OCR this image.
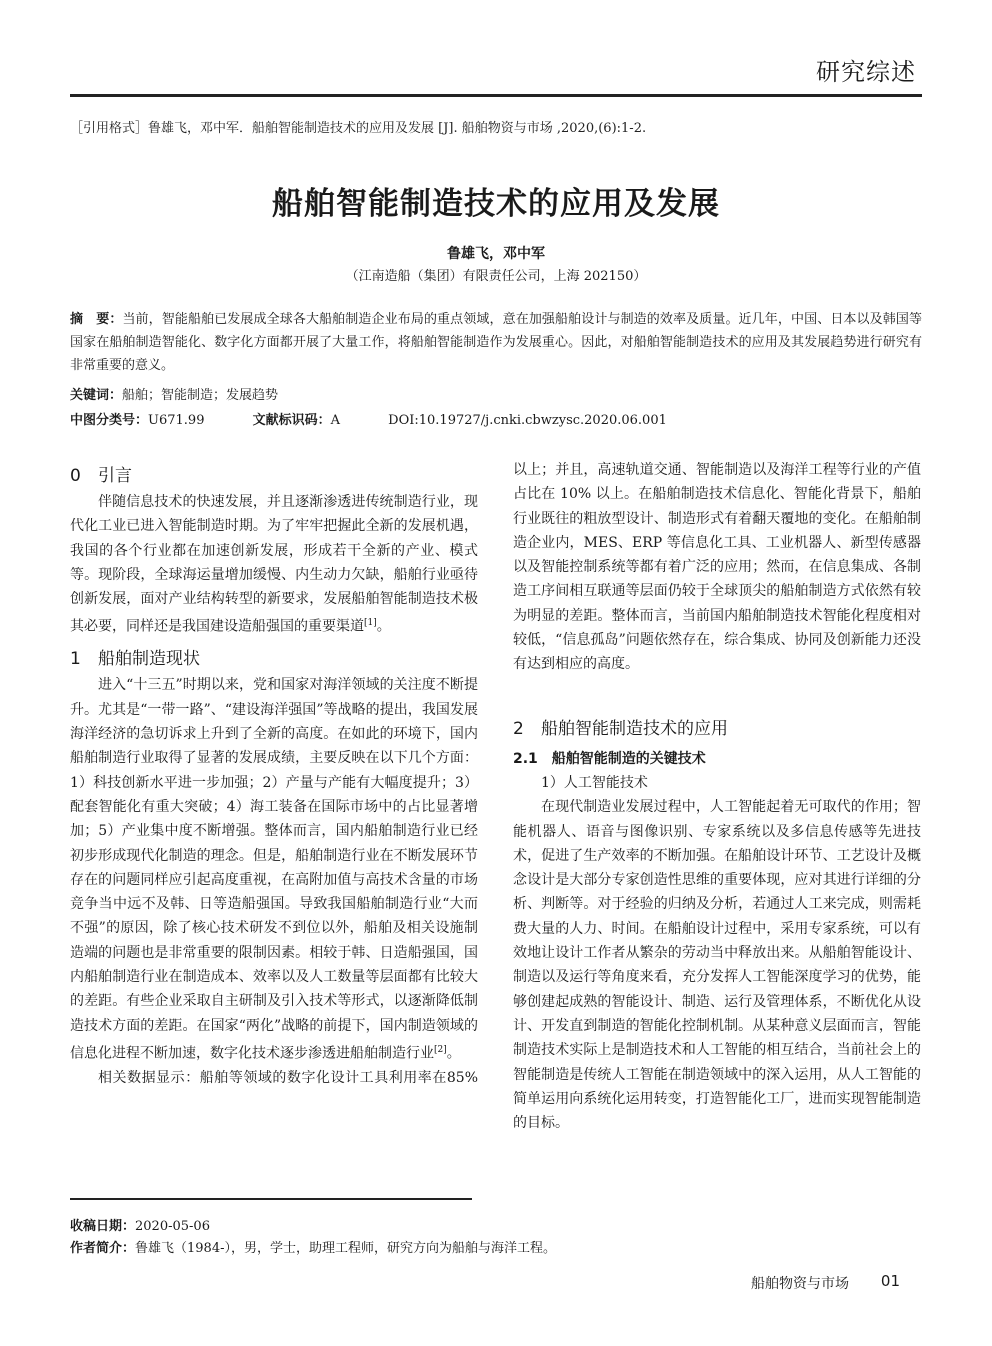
研究综述
［引用格式］鲁雄飞，邓中军．船舶智能制造技术的应用及发展 [J]. 船舶物资与市场 ,2020,(6):1-2.
船舶智能制造技术的应用及发展
鲁雄飞，邓中军
（江南造船（集团）有限责任公司，上海 202150）
摘　要：当前，智能船舶已发展成全球各大船舶制造企业布局的重点领域，意在加强船舶设计与制造的效率及质量。近几年，中国、日本以及韩国等国家在船舶制造智能化、数字化方面都开展了大量工作，将船舶智能制造作为发展重心。因此，对船舶智能制造技术的应用及其发展趋势进行研究有非常重要的意义。
关键词：船舶；智能制造；发展趋势
中图分类号：U671.99	文献标识码：A	DOI:10.19727/j.cnki.cbwzysc.2020.06.001
0 引言

伴随信息技术的快速发展，并且逐渐渗透进传统制造行业，现代化工业已进入智能制造时期。为了牢牢把握此全新的发展机遇，我国的各个行业都在加速创新发展，形成若干全新的产业、模式等。现阶段，全球海运量增加缓慢、内生动力欠缺，船舶行业亟待创新发展，面对产业结构转型的新要求，发展船舶智能制造技术极其必要，同样还是我国建设造船强国的重要渠道[1]。

1 船舶制造现状

进入“十三五”时期以来，党和国家对海洋领域的关注度不断提升。尤其是“一带一路”、“建设海洋强国”等战略的提出，我国发展海洋经济的急切诉求上升到了全新的高度。在如此的环境下，国内船舶制造行业取得了显著的发展成绩，主要反映在以下几个方面：1）科技创新水平进一步加强；2）产量与产能有大幅度提升；3）配套智能化有重大突破；4）海工装备在国际市场中的占比显著增加；5）产业集中度不断增强。整体而言，国内船舶制造行业已经初步形成现代化制造的理念。但是，船舶制造行业在不断发展环节存在的问题同样应引起高度重视，在高附加值与高技术含量的市场竞争当中远不及韩、日等造船强国。导致我国船舶制造行业“大而不强”的原因，除了核心技术研发不到位以外，船舶及相关设施制造端的问题也是非常重要的限制因素。相较于韩、日造船强国，国内船舶制造行业在制造成本、效率以及人工数量等层面都有比较大的差距。有些企业采取自主研制及引入技术等形式，以逐渐降低制造技术方面的差距。在国家“两化”战略的前提下，国内制造领域的信息化进程不断加速，数字化技术逐步渗透进船舶制造行业[2]。

相关数据显示：船舶等领域的数字化设计工具利用率在85%

以上；并且，高速轨道交通、智能制造以及海洋工程等行业的产值占比在 10% 以上。在船舶制造技术信息化、智能化背景下，船舶行业既往的粗放型设计、制造形式有着翻天覆地的变化。在船舶制造企业内，MES、ERP 等信息化工具、工业机器人、新型传感器以及智能控制系统等都有着广泛的应用；然而，在信息集成、各制造工序间相互联通等层面仍较于全球顶尖的船舶制造方式依然有较为明显的差距。整体而言，当前国内船舶制造技术智能化程度相对较低，“信息孤岛”问题依然存在，综合集成、协同及创新能力还没有达到相应的高度。

2 船舶智能制造技术的应用
2.1　船舶智能制造的关键技术

1）人工智能技术

在现代制造业发展过程中，人工智能起着无可取代的作用；智能机器人、语音与图像识别、专家系统以及多信息传感等先进技术，促进了生产效率的不断加强。在船舶设计环节、工艺设计及概念设计是大部分专家创造性思维的重要体现，应对其进行详细的分析、判断等。对于经验的归纳及分析，若通过人工来完成，则需耗费大量的人力、时间。在船舶设计过程中，采用专家系统，可以有效地让设计工作者从繁杂的劳动当中释放出来。从船舶智能设计、制造以及运行等角度来看，充分发挥人工智能深度学习的优势，能够创建起成熟的智能设计、制造、运行及管理体系，不断优化从设计、开发直到制造的智能化控制机制。从某种意义层面而言，智能制造技术实际上是制造技术和人工智能的相互结合，当前社会上的智能制造是传统人工智能在制造领域中的深入运用，从人工智能的简单运用向系统化运用转变，打造智能化工厂，进而实现智能制造的目标。

收稿日期：2020-05-06
作者简介：鲁雄飞（1984-），男，学士，助理工程师，研究方向为船舶与海洋工程。
船舶物资与市场 01
